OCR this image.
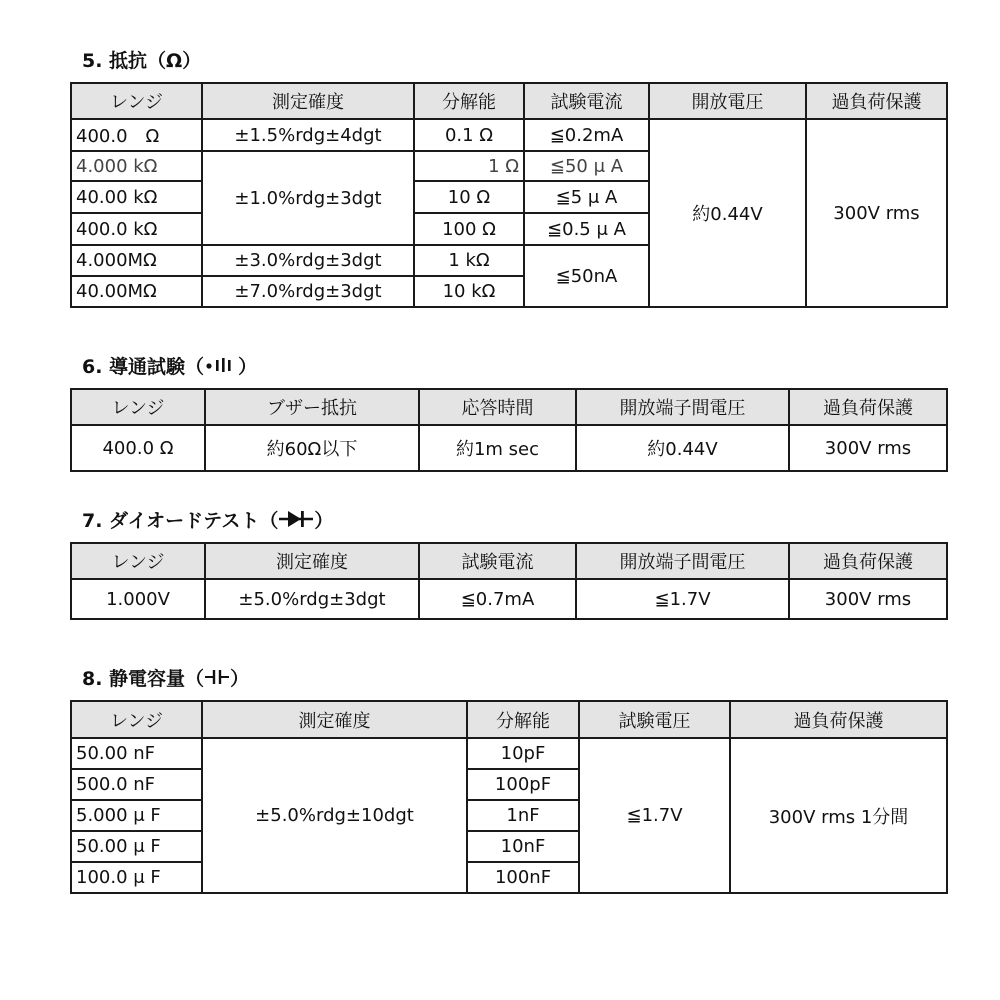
5. 抵抗（Ω）
レンジ	測定確度	分解能	試験電流	開放電圧	過負荷保護
400.0　Ω	±1.5%rdg±4dgt	0.1 Ω	≦0.2mA	約0.44V	300V rms
4.000 kΩ	±1.0%rdg±3dgt	1 Ω	≦50 μ A		
40.00 kΩ		10 Ω	≦5 μ A		
400.0 kΩ		100 Ω	≦0.5 μ A		
4.000MΩ	±3.0%rdg±3dgt	1 kΩ	≦50nA		
40.00MΩ	±7.0%rdg±3dgt	10 kΩ			
6. 導通試験（ ）
レンジ	ブザー抵抗	応答時間	開放端子間電圧	過負荷保護
400.0 Ω	約60Ω以下	約1m sec	約0.44V	300V rms
7. ダイオードテスト（ ）
レンジ	測定確度	試験電流	開放端子間電圧	過負荷保護
1.000V	±5.0%rdg±3dgt	≦0.7mA	≦1.7V	300V rms
8. 静電容量（ ）
レンジ	測定確度	分解能	試験電圧	過負荷保護
50.00 nF	±5.0%rdg±10dgt	10pF	≦1.7V	300V rms 1分間
500.0 nF		100pF		
5.000 μ F		1nF		
50.00 μ F		10nF		
100.0 μ F		100nF		
